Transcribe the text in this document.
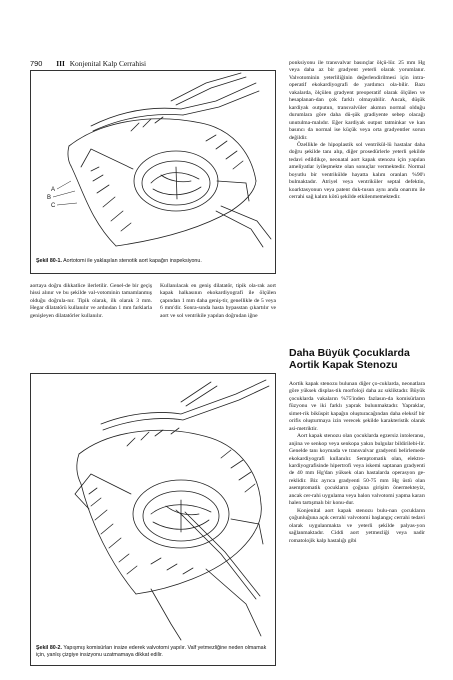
790 III Konjenital Kalp Cerrahisi
A
B
C
Şekil 80-1. Aortotomi ile yaklaşılan stenotik aort kapağın inspeksiyonu.

aortaya doğru dikkatlice ilerletilir. Genel-de bir geçiş hissi alınır ve bu şekilde val-votominin tamamlanmış olduğu doğrula-nır. Tipik olarak, ilk olarak 3 mm. Hegar dilatatörü kullanılır ve ardından 1 mm farklarla genişleyen dilatatörler kullanılır.

Kullanılacak en geniş dilatatör, tipik ola-rak aort kapak halkasının ekokardiyografi ile ölçülen çapından 1 mm daha geniş-tir, genellikle de 5 veya 6 mm'dir. Sonra-sında hasta bypasstan çıkartılır ve aort ve sol ventrikile yapılan doğrudan iğne

Şekil 80-2. Yapışmış komisürları insize ederek valvotomi yapılır. Valf yetmezliğine neden olmamak için, yanlış çizgiye insizyonu uzatmamaya dikkat edilir.

ponksiyonu ile transvalvar basınçlar ölçü-lür. 25 mm Hg veya daha az bir gradyent yeterli olarak yorumlanır. Valvotominin yeterliliğinin değerlendirilmesi için intra-operatif ekokardiyografi de yardımcı ola-bilir. Bazı vakalarda, ölçülen gradyent preoperatif olarak ölçülen ve hesaplanan-dan çok farklı olmayabilir. Ancak, düşük kardiyak outputun, transvalvüler akımın normal olduğu durumlara göre daha dü-şük gradiyente sebep olacağı unutulma-malıdır. Eğer kardiyak output tatminkar ve kan basıncı da normal ise küçük veya orta gradyentler sorun değildir.

Özellikle de hipoplastik sol ventrikül-lü hastalar daha doğru şekilde tanı alıp, diğer prosedürlerle yeterli şekilde tedavi edildikçe, neonatal aort kapak stenozu için yapılan ameliyatlar iyileşmekte olan sonuçlar vermektedir. Normal boyutlu bir ventrikülde hayatta kalım oranları %90'ı bulmaktadır. Atriyel veya ventriküler septal defektin, koarktasyonun veya patent duk-tusun aynı anda onarımı ile cerrahi sağ kalım kötü şekilde etkilenmemektedir.

Daha Büyük Çocuklarda Aortik Kapak Stenozu

Aortik kapak stenozu bulunan diğer ço-cuklarda, neonatlara göre yüksek displas-tik morfoloji daha az sıkliktadır. Büyük çocuklarda vakaların %75'inden fazlasın-da komisürların füzyonu ve iki farklı yaprak bulunmaktadır. Yapraklar, simet-rik biküspit kapağın oluşturacağından daha eleksif bir orifis oluşturmaya izin verecek şekilde karakteristik olarak asi-metriktir.

Aort kapak stenozu olan çocuklarda egzersiz intoleransı, anjina ve senkop veya senkopa yakın bulgular bildirilebi-lir. Genelde tanı koymada ve transvalvar gradyenti belirlemede ekokardiyografi kullanılır. Semptomatik olan, elektro-kardiyografisinde hipertrofi veya iskemi saptanan gradyenti de 40 mm Hg'dan yüksek olan hastalarda operasyon ge-reklidir. Biz ayrıca gradyenti 50-75 mm Hg üstü olan asemptomatik çocukların çoğuna girişim önermekteyiz, ancak cer-rahi uygulama veya balon valvotomi yapma kararı halen tartışmalı bir konu-dur.

Konjenital aort kapak stenozu bulu-nan çocukların çoğunluğuna açık cerrahi valvotomi başlangıç cerrahi tedavi olarak uygulanmakta ve yeterli şekilde palyas-yon sağlanmaktadır. Ciddi aort yetmezliği veya nadir romatolojik kalp hastalığı gibi
